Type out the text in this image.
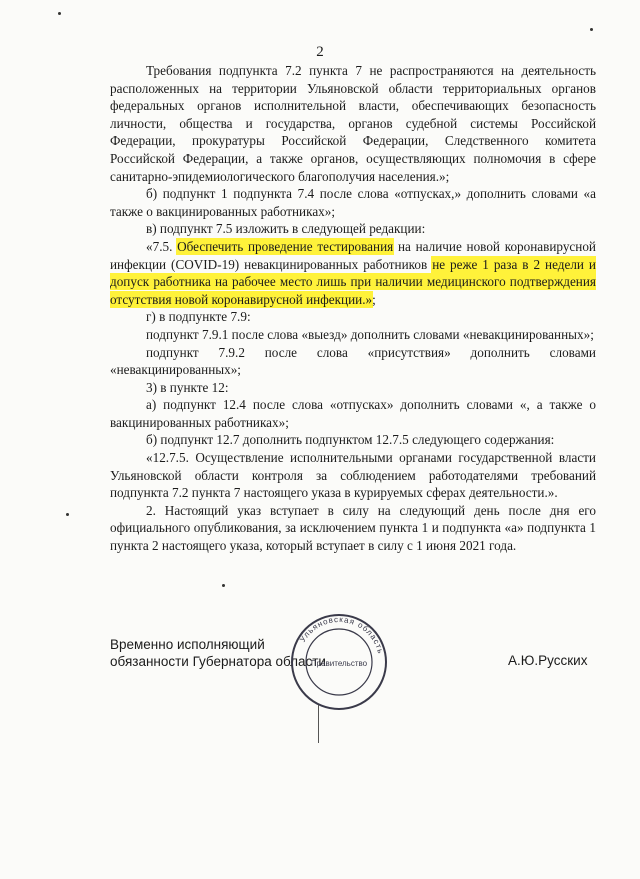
2

Требования подпункта 7.2 пункта 7 не распространяются на деятельность расположенных на территории Ульяновской области территориальных органов федеральных органов исполнительной власти, обеспечивающих безопасность личности, общества и государства, органов судебной системы Российской Федерации, прокуратуры Российской Федерации, Следственного комитета Российской Федерации, а также органов, осуществляющих полномочия в сфере санитарно-эпидемиологического благополучия населения.»;

б) подпункт 1 подпункта 7.4 после слова «отпусках,» дополнить словами «а также о вакцинированных работниках»;

в) подпункт 7.5 изложить в следующей редакции:

«7.5. Обеспечить проведение тестирования на наличие новой коронавирусной инфекции (COVID-19) невакцинированных работников не реже 1 раза в 2 недели и допуск работника на рабочее место лишь при наличии медицинского подтверждения отсутствия новой коронавирусной инфекции.»;

г) в подпункте 7.9:

подпункт 7.9.1 после слова «выезд» дополнить словами «невакцинированных»;

подпункт 7.9.2 после слова «присутствия» дополнить словами «невакцинированных»;

3) в пункте 12:

а) подпункт 12.4 после слова «отпусках» дополнить словами «, а также о вакцинированных работниках»;

б) подпункт 12.7 дополнить подпунктом 12.7.5 следующего содержания:

«12.7.5. Осуществление исполнительными органами государственной власти Ульяновской области контроля за соблюдением работодателями требований подпункта 7.2 пункта 7 настоящего указа в курируемых сферах деятельности.».

2. Настоящий указ вступает в силу на следующий день после дня его официального опубликования, за исключением пункта 1 и подпункта «а» подпункта 1 пункта 2 настоящего указа, который вступает в силу с 1 июня 2021 года.

Временно исполняющий
обязанности Губернатора области	А.Ю.Русских
Ульяновская область
Правительство
